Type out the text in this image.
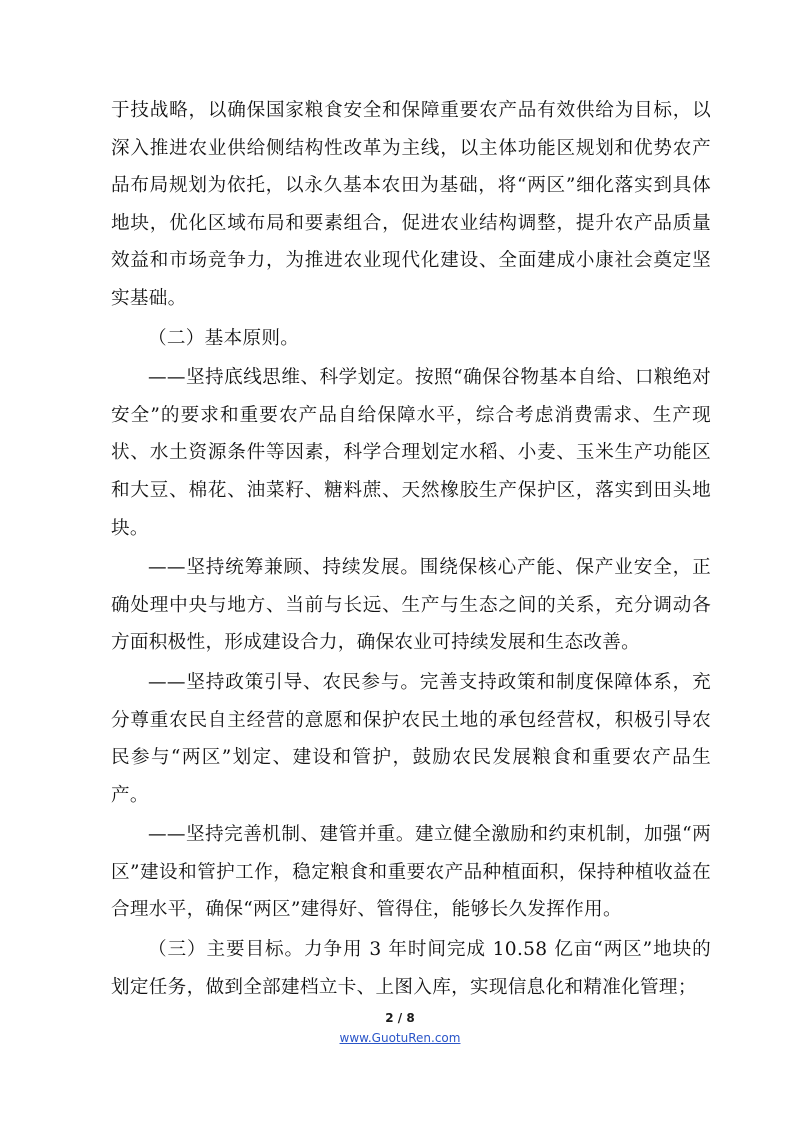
于技战略，以确保国家粮食安全和保障重要农产品有效供给为目标，以深入推进农业供给侧结构性改革为主线，以主体功能区规划和优势农产品布局规划为依托，以永久基本农田为基础，将“两区”细化落实到具体地块，优化区域布局和要素组合，促进农业结构调整，提升农产品质量效益和市场竞争力，为推进农业现代化建设、全面建成小康社会奠定坚实基础。

（二）基本原则。

——坚持底线思维、科学划定。按照“确保谷物基本自给、口粮绝对安全”的要求和重要农产品自给保障水平，综合考虑消费需求、生产现状、水土资源条件等因素，科学合理划定水稻、小麦、玉米生产功能区和大豆、棉花、油菜籽、糖料蔗、天然橡胶生产保护区，落实到田头地块。

——坚持统筹兼顾、持续发展。围绕保核心产能、保产业安全，正确处理中央与地方、当前与长远、生产与生态之间的关系，充分调动各方面积极性，形成建设合力，确保农业可持续发展和生态改善。

——坚持政策引导、农民参与。完善支持政策和制度保障体系，充分尊重农民自主经营的意愿和保护农民土地的承包经营权，积极引导农民参与“两区”划定、建设和管护，鼓励农民发展粮食和重要农产品生产。

——坚持完善机制、建管并重。建立健全激励和约束机制，加强“两区”建设和管护工作，稳定粮食和重要农产品种植面积，保持种植收益在合理水平，确保“两区”建得好、管得住，能够长久发挥作用。

（三）主要目标。力争用 3 年时间完成 10.58 亿亩“两区”地块的划定任务，做到全部建档立卡、上图入库，实现信息化和精准化管理；

2 / 8
www.GuotuRen.com
